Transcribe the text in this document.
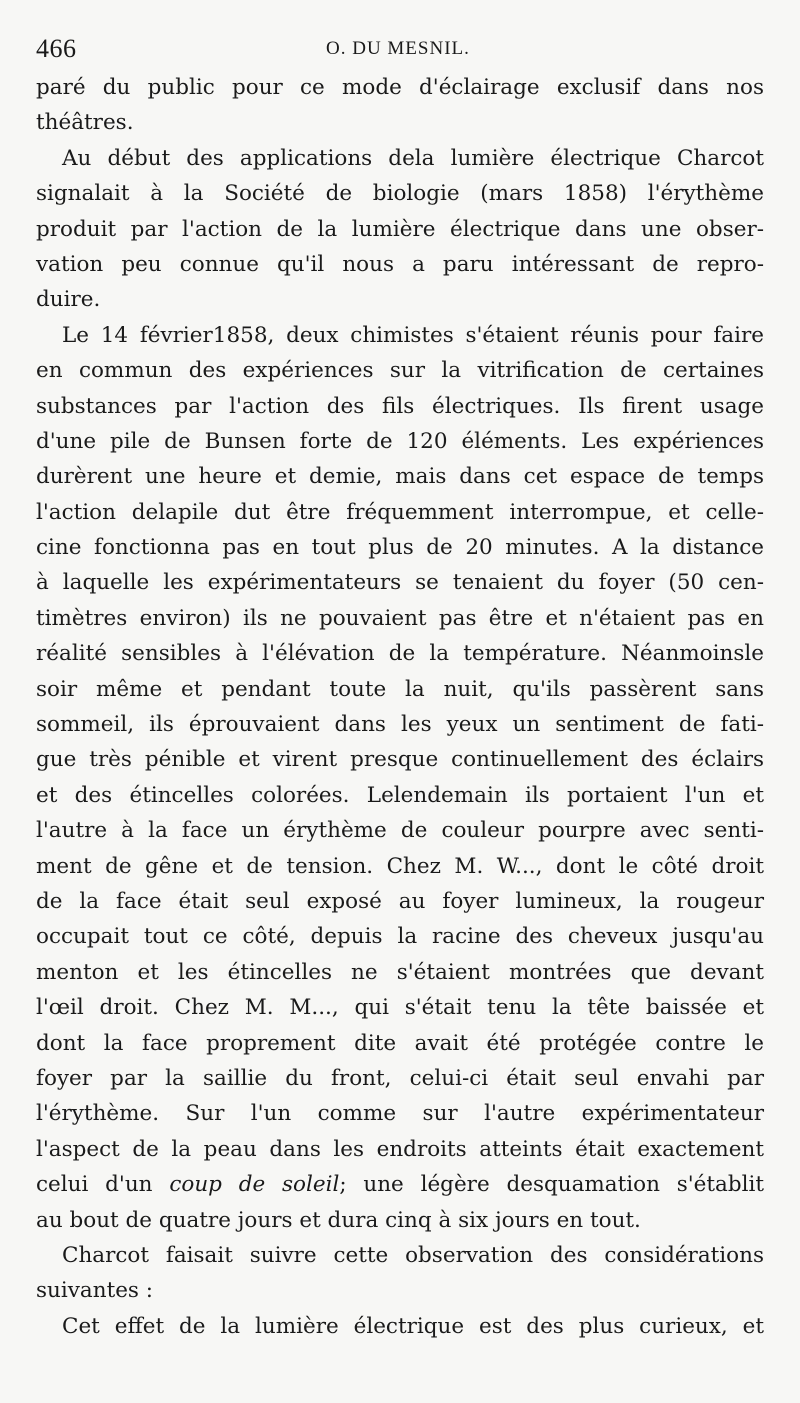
466	O. DU MESNIL.
paré du public pour ce mode d'éclairage exclusif dans nos
théâtres.
Au début des applications dela lumière électrique Charcot
signalait à la Société de biologie (mars 1858) l'érythème
produit par l'action de la lumière électrique dans une obser-
vation peu connue qu'il nous a paru intéressant de repro-
duire.
Le 14 février1858, deux chimistes s'étaient réunis pour faire
en commun des expériences sur la vitrification de certaines
substances par l'action des fils électriques. Ils firent usage
d'une pile de Bunsen forte de 120 éléments. Les expériences
durèrent une heure et demie, mais dans cet espace de temps
l'action delapile dut être fréquemment interrompue, et celle-
cine fonctionna pas en tout plus de 20 minutes. A la distance
à laquelle les expérimentateurs se tenaient du foyer (50 cen-
timètres environ) ils ne pouvaient pas être et n'étaient pas en
réalité sensibles à l'élévation de la température. Néanmoinsle
soir même et pendant toute la nuit, qu'ils passèrent sans
sommeil, ils éprouvaient dans les yeux un sentiment de fati-
gue très pénible et virent presque continuellement des éclairs
et des étincelles colorées. Lelendemain ils portaient l'un et
l'autre à la face un érythème de couleur pourpre avec senti-
ment de gêne et de tension. Chez M. W..., dont le côté droit
de la face était seul exposé au foyer lumineux, la rougeur
occupait tout ce côté, depuis la racine des cheveux jusqu'au
menton et les étincelles ne s'étaient montrées que devant
l'œil droit. Chez M. M..., qui s'était tenu la tête baissée et
dont la face proprement dite avait été protégée contre le
foyer par la saillie du front, celui-ci était seul envahi par
l'érythème. Sur l'un comme sur l'autre expérimentateur
l'aspect de la peau dans les endroits atteints était exactement
celui d'un coup de soleil; une légère desquamation s'établit
au bout de quatre jours et dura cinq à six jours en tout.
Charcot faisait suivre cette observation des considérations
suivantes :
Cet effet de la lumière électrique est des plus curieux, et
